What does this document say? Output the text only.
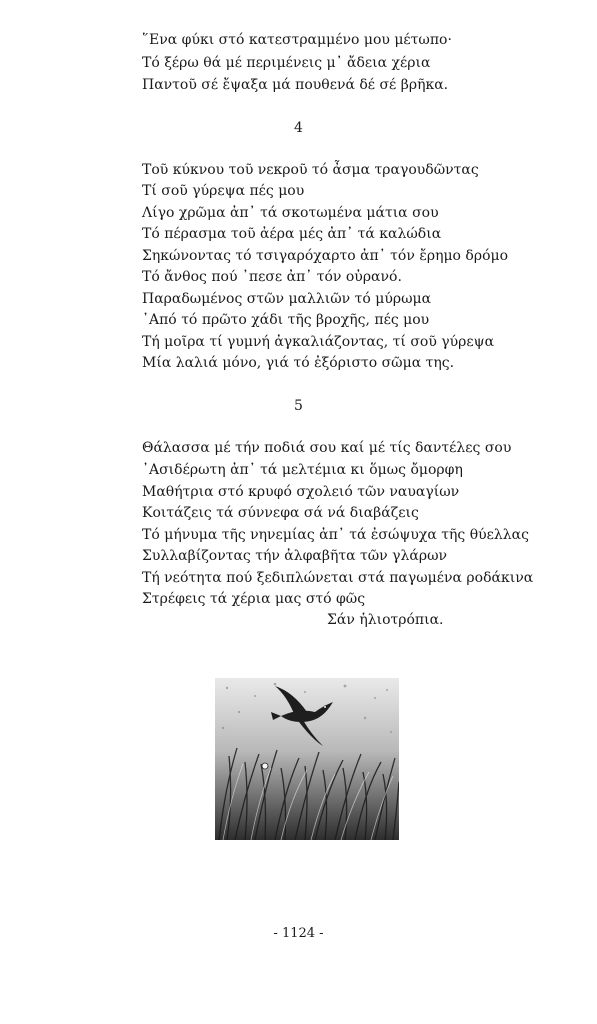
῞Ενα φύκι στό κατεστραμμένο μου μέτωπο·
Τό ξέρω θά μέ περιμένεις μ᾽ ἄδεια χέρια
Παντοῦ σέ ἔψαξα μά πουθενά δέ σέ βρῆκα.
4
Τοῦ κύκνου τοῦ νεκροῦ τό ἆσμα τραγουδῶντας
Τί σοῦ γύρεψα πές μου
Λίγο χρῶμα ἀπ᾽ τά σκοτωμένα μάτια σου
Τό πέρασμα τοῦ ἀέρα μές ἀπ᾽ τά καλώδια
Σηκώνοντας τό τσιγαρόχαρτο ἀπ᾽ τόν ἔρημο δρόμο
Τό ἄνθος πού ᾽πεσε ἀπ᾽ τόν οὐρανό.
Παραδωμένος στῶν μαλλιῶν τό μύρωμα
᾽Από τό πρῶτο χάδι τῆς βροχῆς, πές μου
Τή μοῖρα τί γυμνή ἀγκαλιάζοντας, τί σοῦ γύρεψα
Μία λαλιά μόνο, γιά τό ἐξόριστο σῶμα της.
5
Θάλασσα μέ τήν ποδιά σου καί μέ τίς δαντέλες σου
᾽Ασιδέρωτη ἀπ᾽ τά μελτέμια κι ὅμως ὄμορφη
Μαθήτρια στό κρυφό σχολειό τῶν ναυαγίων
Κοιτάζεις τά σύννεφα σά νά διαβάζεις
Τό μήνυμα τῆς νηνεμίας ἀπ᾽ τά ἐσώψυχα τῆς θύελλας
Συλλαβίζοντας τήν ἀλφαβῆτα τῶν γλάρων
Τή νεότητα πού ξεδιπλώνεται στά παγωμένα ροδάκινα
Στρέφεις τά χέρια μας στό φῶς
Σάν ἡλιοτρόπια.
- 1124 -
